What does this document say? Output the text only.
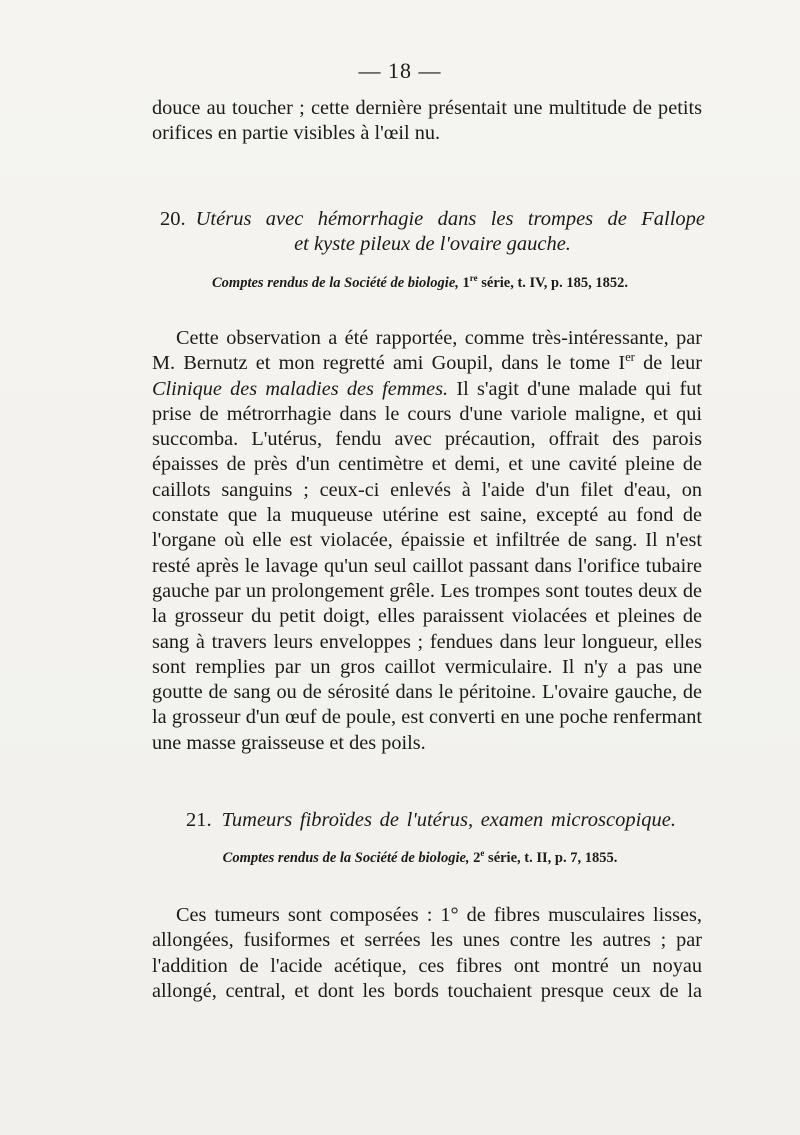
— 18 —

douce au toucher ; cette dernière présentait une multitude de petits orifices en partie visibles à l'œil nu.

20. Utérus avec hémorrhagie dans les trompes de Fallope
et kyste pileux de l'ovaire gauche.
Comptes rendus de la Société de biologie, 1re série, t. IV, p. 185, 1852.

Cette observation a été rapportée, comme très-intéressante, par M. Bernutz et mon regretté ami Goupil, dans le tome Ier de leur Clinique des maladies des femmes. Il s'agit d'une malade qui fut prise de métrorrhagie dans le cours d'une variole maligne, et qui succomba. L'utérus, fendu avec précaution, offrait des parois épaisses de près d'un centimètre et demi, et une cavité pleine de caillots sanguins ; ceux-ci enlevés à l'aide d'un filet d'eau, on constate que la muqueuse utérine est saine, excepté au fond de l'organe où elle est violacée, épaissie et infiltrée de sang. Il n'est resté après le lavage qu'un seul caillot passant dans l'orifice tubaire gauche par un prolongement grêle. Les trompes sont toutes deux de la grosseur du petit doigt, elles paraissent violacées et pleines de sang à travers leurs enveloppes ; fendues dans leur longueur, elles sont remplies par un gros caillot vermiculaire. Il n'y a pas une goutte de sang ou de sérosité dans le péritoine. L'ovaire gauche, de la grosseur d'un œuf de poule, est converti en une poche renfermant une masse graisseuse et des poils.

21. Tumeurs fibroïdes de l'utérus, examen microscopique.
Comptes rendus de la Société de biologie, 2e série, t. II, p. 7, 1855.

Ces tumeurs sont composées : 1° de fibres musculaires lisses, allongées, fusiformes et serrées les unes contre les autres ; par l'addition de l'acide acétique, ces fibres ont montré un noyau allongé, central, et dont les bords touchaient presque ceux de la
